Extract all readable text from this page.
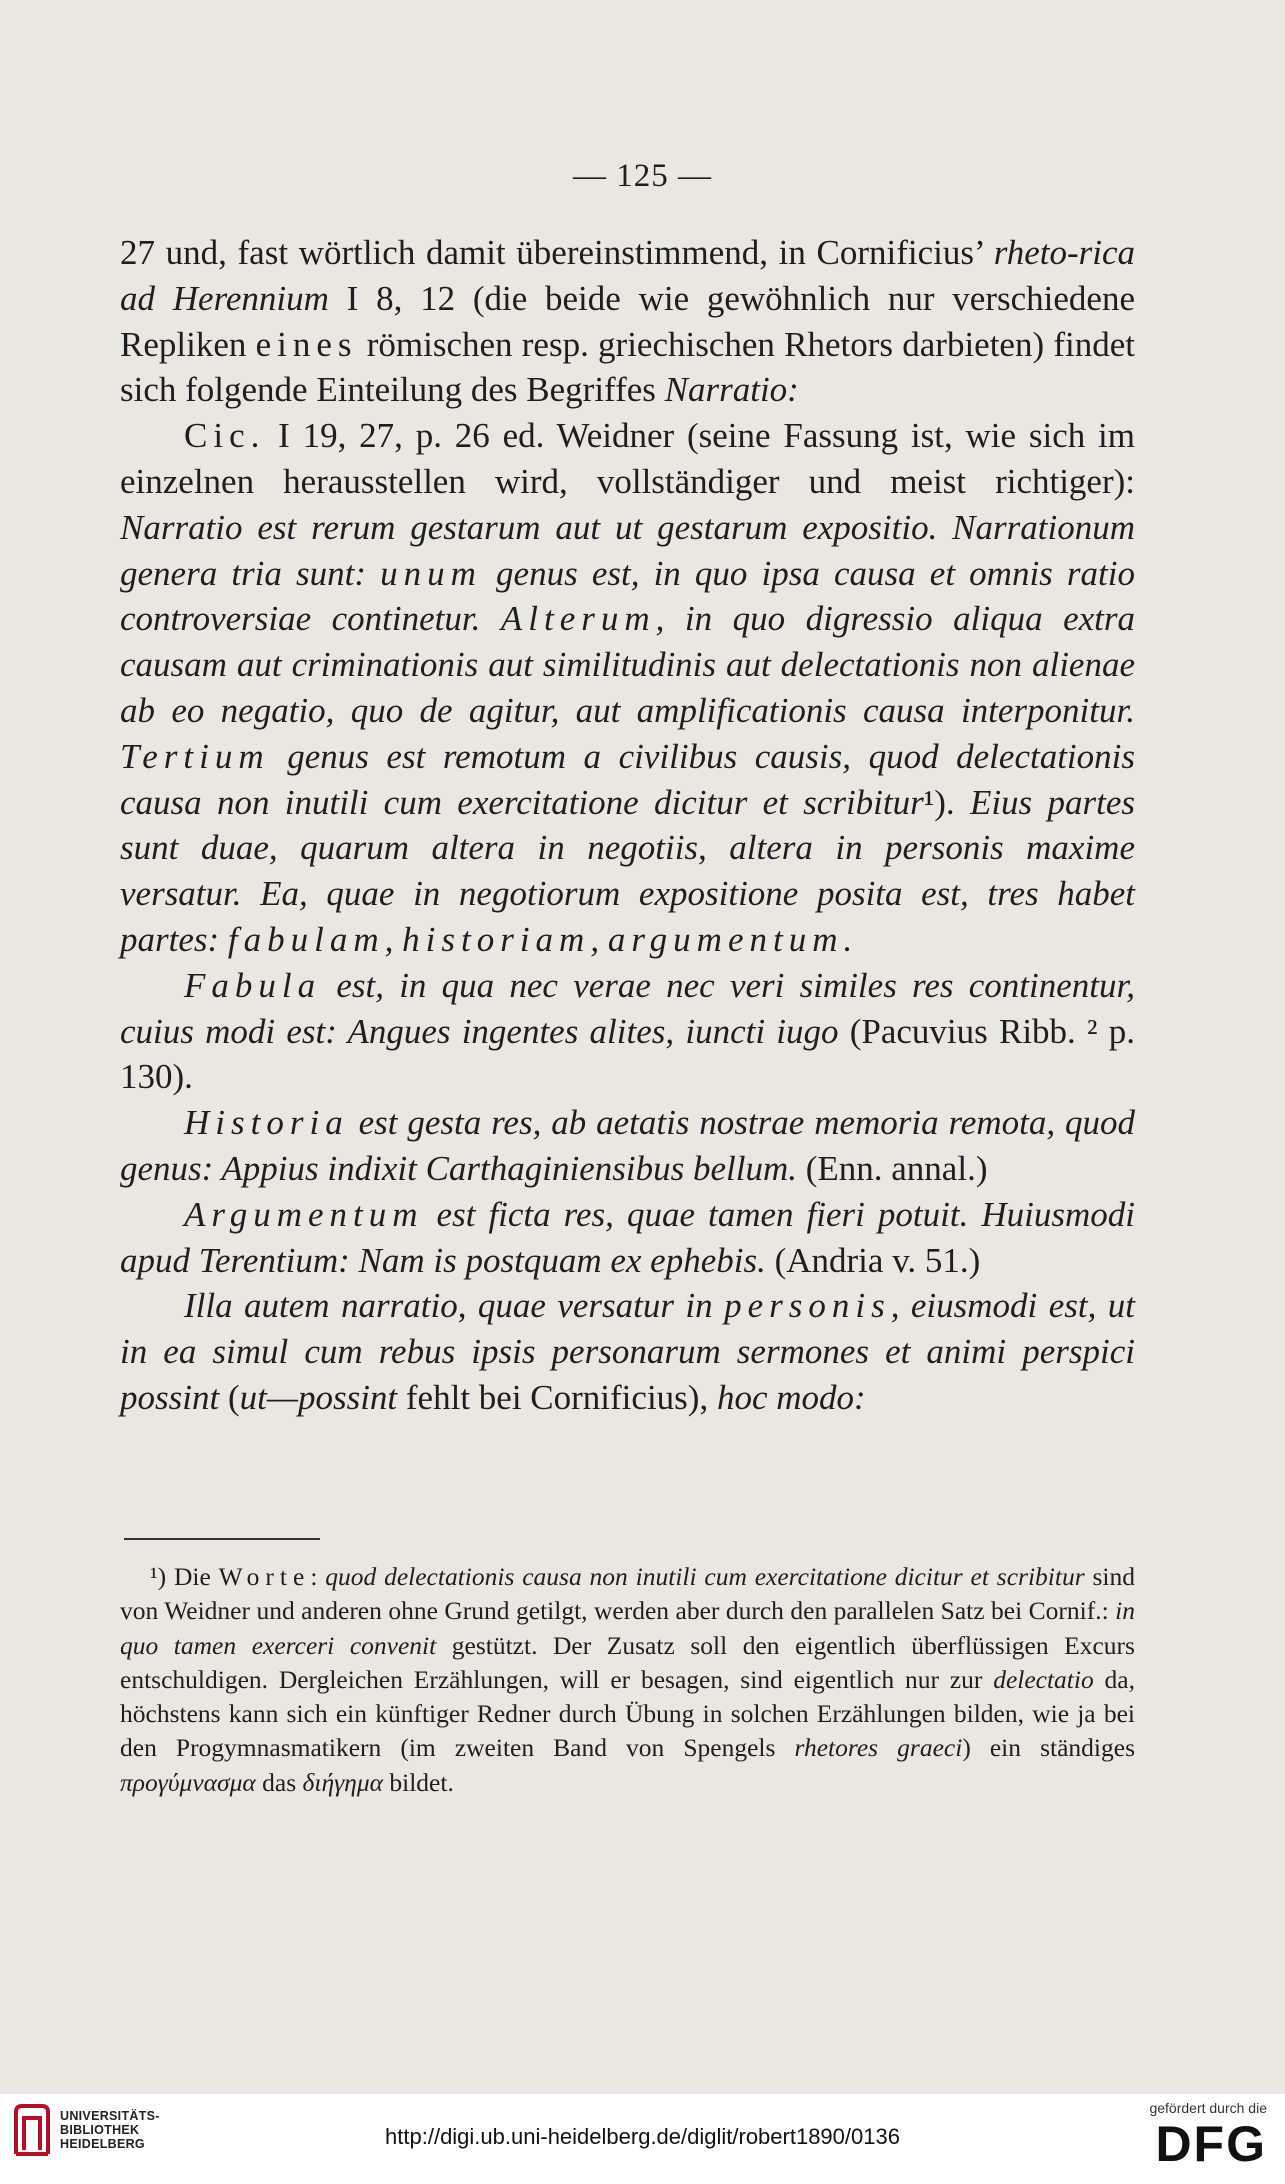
— 125 —

27 und, fast wörtlich damit übereinstimmend, in Cornificius’ rheto-rica ad Herennium I 8, 12 (die beide wie gewöhnlich nur verschiedene Repliken eines römischen resp. griechischen Rhetors darbieten) findet sich folgende Einteilung des Begriffes Narratio:

Cic. I 19, 27, p. 26 ed. Weidner (seine Fassung ist, wie sich im einzelnen herausstellen wird, vollständiger und meist richtiger): Narratio est rerum gestarum aut ut gestarum expositio. Narrationum genera tria sunt: unum genus est, in quo ipsa causa et omnis ratio controversiae continetur. Alterum, in quo digressio aliqua extra causam aut criminationis aut similitudinis aut delectationis non alienae ab eo negatio, quo de agitur, aut amplificationis causa interponitur. Tertium genus est remotum a civilibus causis, quod delectationis causa non inutili cum exercitatione dicitur et scribitur¹). Eius partes sunt duae, quarum altera in negotiis, altera in personis maxime versatur. Ea, quae in negotiorum expositione posita est, tres habet partes: fabulam, historiam, argumentum.

Fabula est, in qua nec verae nec veri similes res continentur, cuius modi est: Angues ingentes alites, iuncti iugo (Pacuvius Ribb. ² p. 130).

Historia est gesta res, ab aetatis nostrae memoria remota, quod genus: Appius indixit Carthaginiensibus bellum. (Enn. annal.)

Argumentum est ficta res, quae tamen fieri potuit. Huiusmodi apud Terentium: Nam is postquam ex ephebis. (Andria v. 51.)

Illa autem narratio, quae versatur in personis, eiusmodi est, ut in ea simul cum rebus ipsis personarum sermones et animi perspici possint (ut—possint fehlt bei Cornificius), hoc modo:

¹) Die Worte: quod delectationis causa non inutili cum exercitatione dicitur et scribitur sind von Weidner und anderen ohne Grund getilgt, werden aber durch den parallelen Satz bei Cornif.: in quo tamen exerceri convenit gestützt. Der Zusatz soll den eigentlich überflüssigen Excurs entschuldigen. Dergleichen Erzählungen, will er besagen, sind eigentlich nur zur delectatio da, höchstens kann sich ein künftiger Redner durch Übung in solchen Erzählungen bilden, wie ja bei den Progymnasmatikern (im zweiten Band von Spengels rhetores graeci) ein ständiges προγύμνασμα das διήγημα bildet.

UNIVERSITÄTS-
BIBLIOTHEK
HEIDELBERG	http://digi.ub.uni-heidelberg.de/diglit/robert1890/0136
gefördert durch die
DFG
